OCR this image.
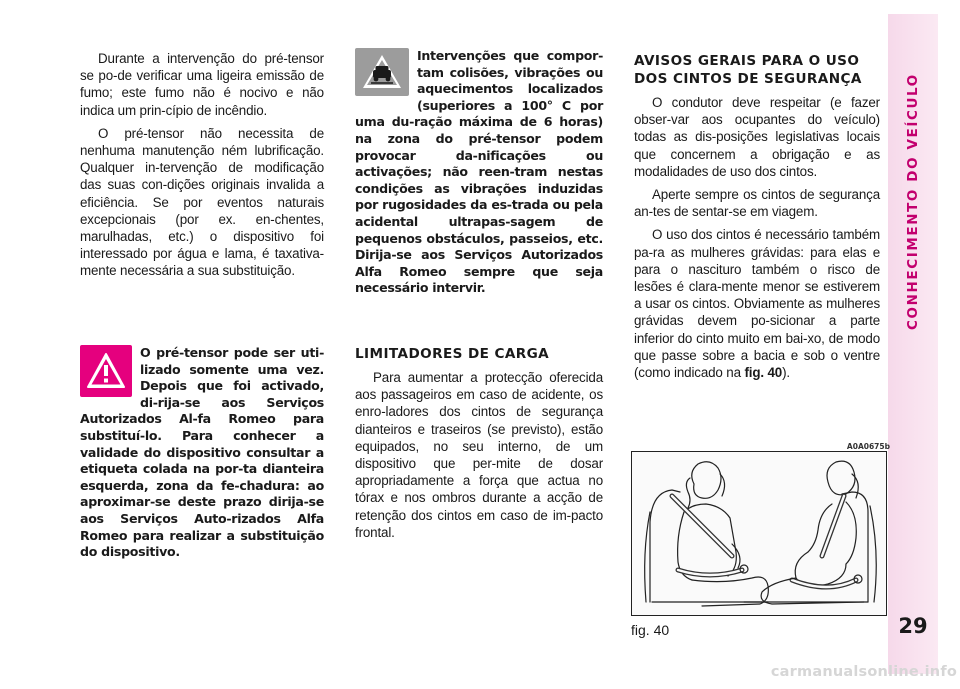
CONHECIMENTO DO VEÍCULO
29

Durante a intervenção do pré-tensor se po-de verificar uma ligeira emissão de fumo; este fumo não é nocivo e não indica um prin-cípio de incêndio.

O pré-tensor não necessita de nenhuma manutenção ném lubrificação. Qualquer in-tervenção de modificação das suas con-dições originais invalida a eficiência. Se por eventos naturais excepcionais (por ex. en-chentes, marulhadas, etc.) o dispositivo foi interessado por água e lama, é taxativa-mente necessária a sua substituição.

O pré-tensor pode ser uti-lizado somente uma vez. Depois que foi activado, di-rija-se aos Serviços Autorizados Al-fa Romeo para substituí-lo. Para conhecer a validade do dispositivo consultar a etiqueta colada na por-ta dianteira esquerda, zona da fe-chadura: ao aproximar-se deste prazo dirija-se aos Serviços Auto-rizados Alfa Romeo para realizar a substituição do dispositivo.

Intervenções que compor-tam colisões, vibrações ou aquecimentos localizados (superiores a 100° C por uma du-ração máxima de 6 horas) na zona do pré-tensor podem provocar da-nificações ou activações; não reen-tram nestas condições as vibrações induzidas por rugosidades da es-trada ou pela acidental ultrapas-sagem de pequenos obstáculos, passeios, etc. Dirija-se aos Serviços Autorizados Alfa Romeo sempre que seja necessário intervir.

LIMITADORES DE CARGA

Para aumentar a protecção oferecida aos passageiros em caso de acidente, os enro-ladores dos cintos de segurança dianteiros e traseiros (se previsto), estão equipados, no seu interno, de um dispositivo que per-mite de dosar apropriadamente a força que actua no tórax e nos ombros durante a acção de retenção dos cintos em caso de im-pacto frontal.

AVISOS GERAIS PARA O USO DOS CINTOS DE SEGURANÇA

O condutor deve respeitar (e fazer obser-var aos ocupantes do veículo) todas as dis-posições legislativas locais que concernem a obrigação e as modalidades de uso dos cintos.

Aperte sempre os cintos de segurança an-tes de sentar-se em viagem.

O uso dos cintos é necessário também pa-ra as mulheres grávidas: para elas e para o nascituro também o risco de lesões é clara-mente menor se estiverem a usar os cintos. Obviamente as mulheres grávidas devem po-sicionar a parte inferior do cinto muito em bai-xo, de modo que passe sobre a bacia e sob o ventre (como indicado na fig. 40).

A0A0675b
fig. 40
carmanualsonline.info
